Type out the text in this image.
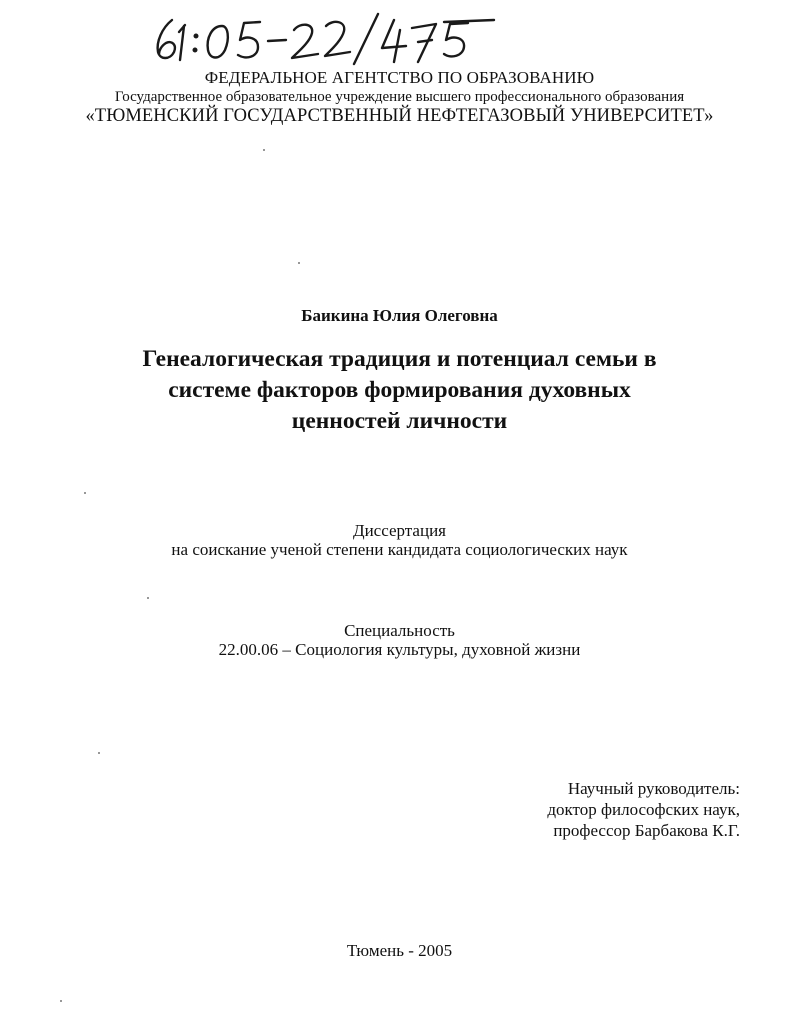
61:05-22/475
ФЕДЕРАЛЬНОЕ АГЕНТСТВО ПО ОБРАЗОВАНИЮ
Государственное образовательное учреждение высшего профессионального образования
«ТЮМЕНСКИЙ ГОСУДАРСТВЕННЫЙ НЕФТЕГАЗОВЫЙ УНИВЕРСИТЕТ»
Баикина Юлия Олеговна
Генеалогическая традиция и потенциал семьи в
системе факторов формирования духовных
ценностей личности
Диссертация
на соискание ученой степени кандидата социологических наук
Специальность
22.00.06 – Социология культуры, духовной жизни
Научный руководитель:
доктор философских наук,
профессор Барбакова К.Г.
Тюмень - 2005
